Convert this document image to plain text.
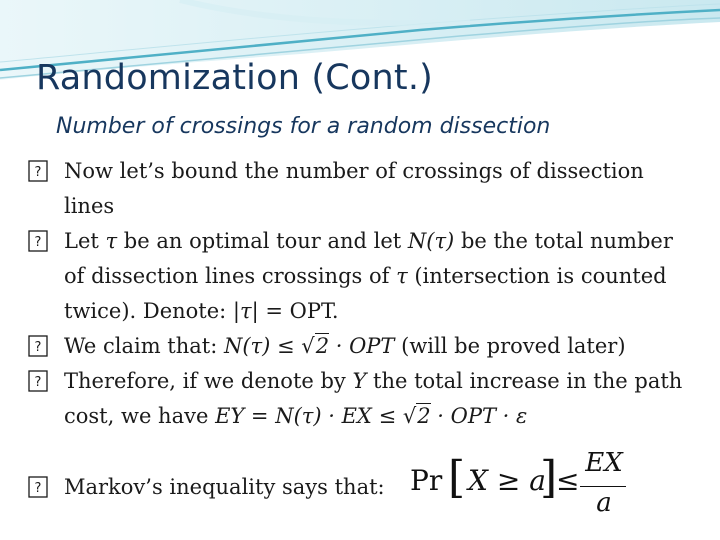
Randomization (Cont.)
Number of crossings for a random dissection

? Now let’s bound the number of crossings of dissection lines

? Let τ be an optimal tour and let N(τ) be the total number of dissection lines crossings of τ (intersection is counted twice). Denote: |τ| = OPT.

? We claim that: N(τ) ≤ √2 · OPT (will be proved later)

? Therefore, if we denote by Y the total increase in the path cost, we have EY = N(τ) · EX ≤ √2 · OPT · ε

? Markov’s inequality says that: Pr [ X ≥ a
]
≤
EX
a
